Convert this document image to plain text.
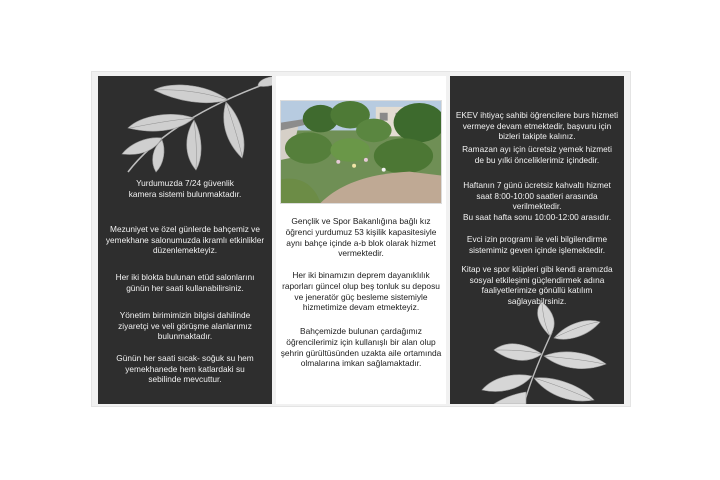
Yurdumuzda 7/24 güvenlik kamera sistemi bulunmaktadır.
Mezuniyet ve özel günlerde bahçemiz ve yemekhane salonumuzda ikramlı etkinlikler düzenlemekteyiz.
Her iki blokta bulunan etüd salonlarını günün her saati kullanabilirsiniz.
Yönetim birimimizin bilgisi dahilinde ziyaretçi ve veli görüşme alanlarımız bulunmaktadır.
Günün her saati sıcak- soğuk su hem yemekhanede hem katlardaki su sebilinde mevcuttur.
Gençlik ve Spor Bakanlığına bağlı kız öğrenci yurdumuz 53 kişilik kapasitesiyle aynı bahçe içinde a-b blok olarak hizmet vermektedir.
Her iki binamızın deprem dayanıklılık raporları güncel olup beş tonluk su deposu ve jeneratör güç besleme sistemiyle hizmetimize devam etmekteyiz.
Bahçemizde bulunan çardağımız öğrencilerimiz için kullanışlı bir alan olup şehrin gürültüsünden uzakta aile ortamında olmalarına imkan sağlamaktadır.
EKEV ihtiyaç sahibi öğrencilere burs hizmeti vermeye devam etmektedir, başvuru için bizleri takipte kalınız.
Ramazan ayı için ücretsiz yemek hizmeti de bu yılki önceliklerimiz içindedir.
Haftanın 7 günü ücretsiz kahvaltı hizmet saat 8:00-10:00 saatleri arasında verilmektedir.
Bu saat hafta sonu 10:00-12:00 arasıdır.
Evci izin programı ile veli bilgilendirme sistemimiz geven içinde işlemektedir.
Kitap ve spor klüpleri gibi kendi aramızda sosyal etkileşimi güçlendirmek adına faaliyetlerimize gönüllü katılım sağlayabilrsiniz.
